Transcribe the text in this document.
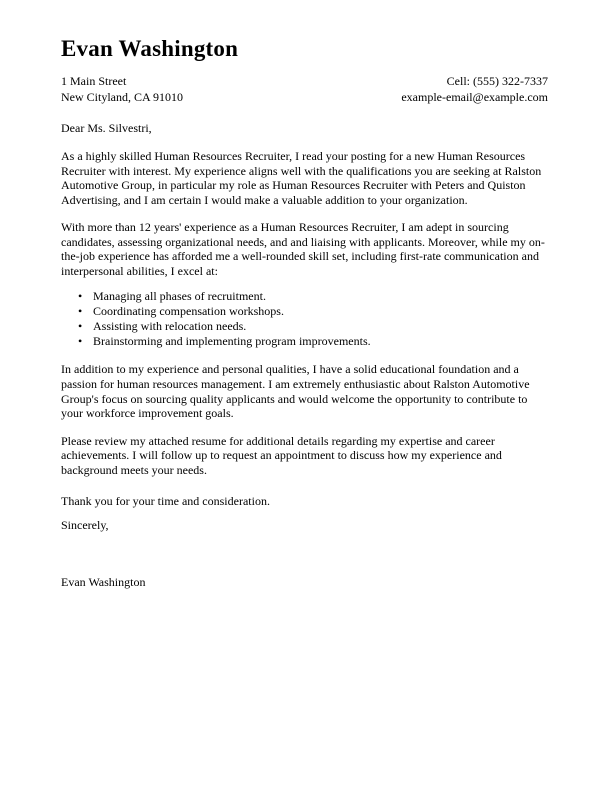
Evan Washington
1 Main Street
New Cityland, CA 91010
Cell: (555) 322-7337
example-email@example.com
Dear Ms. Silvestri,

As a highly skilled Human Resources Recruiter, I read your posting for a new Human Resources Recruiter with interest. My experience aligns well with the qualifications you are seeking at Ralston Automotive Group, in particular my role as Human Resources Recruiter with Peters and Quiston Advertising, and I am certain I would make a valuable addition to your organization.

With more than 12 years' experience as a Human Resources Recruiter, I am adept in sourcing candidates, assessing organizational needs, and and liaising with applicants. Moreover, while my on-the-job experience has afforded me a well-rounded skill set, including first-rate communication and interpersonal abilities, I excel at:

• Managing all phases of recruitment.
• Coordinating compensation workshops.
• Assisting with relocation needs.
• Brainstorming and implementing program improvements.

In addition to my experience and personal qualities, I have a solid educational foundation and a passion for human resources management. I am extremely enthusiastic about Ralston Automotive Group's focus on sourcing quality applicants and would welcome the opportunity to contribute to your workforce improvement goals.

Please review my attached resume for additional details regarding my expertise and career achievements. I will follow up to request an appointment to discuss how my experience and background meets your needs.

Thank you for your time and consideration.
Sincerely,
Evan Washington
